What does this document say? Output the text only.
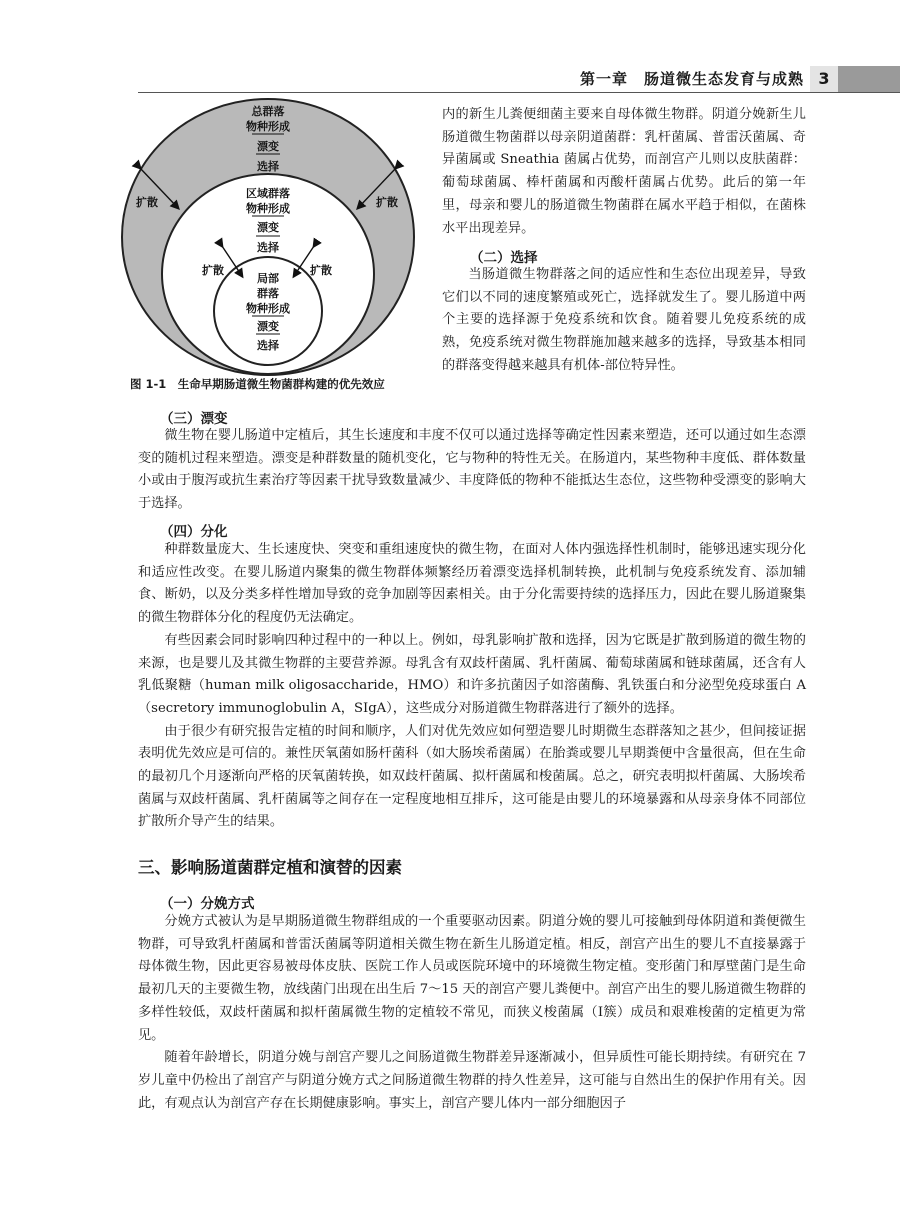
第一章　肠道微生态发育与成熟 3
总群落
物种形成
漂变
选择
区域群落
物种形成
漂变
选择
局部
群落
物种形成
漂变
选择
扩散	扩散
扩散	扩散
图 1-1　生命早期肠道微生物菌群构建的优先效应

内的新生儿粪便细菌主要来自母体微生物群。阴道分娩新生儿肠道微生物菌群以母亲阴道菌群：乳杆菌属、普雷沃菌属、奇异菌属或 Sneathia 菌属占优势，而剖宫产儿则以皮肤菌群：葡萄球菌属、棒杆菌属和丙酸杆菌属占优势。此后的第一年里，母亲和婴儿的肠道微生物菌群在属水平趋于相似，在菌株水平出现差异。

（二）选择

当肠道微生物群落之间的适应性和生态位出现差异，导致它们以不同的速度繁殖或死亡，选择就发生了。婴儿肠道中两个主要的选择源于免疫系统和饮食。随着婴儿免疫系统的成熟，免疫系统对微生物群施加越来越多的选择，导致基本相同的群落变得越来越具有机体-部位特异性。

（三）漂变

微生物在婴儿肠道中定植后，其生长速度和丰度不仅可以通过选择等确定性因素来塑造，还可以通过如生态漂变的随机过程来塑造。漂变是种群数量的随机变化，它与物种的特性无关。在肠道内，某些物种丰度低、群体数量小或由于腹泻或抗生素治疗等因素干扰导致数量减少、丰度降低的物种不能抵达生态位，这些物种受漂变的影响大于选择。

（四）分化

种群数量庞大、生长速度快、突变和重组速度快的微生物，在面对人体内强选择性机制时，能够迅速实现分化和适应性改变。在婴儿肠道内聚集的微生物群体频繁经历着漂变选择机制转换，此机制与免疫系统发育、添加辅食、断奶，以及分类多样性增加导致的竞争加剧等因素相关。由于分化需要持续的选择压力，因此在婴儿肠道聚集的微生物群体分化的程度仍无法确定。

有些因素会同时影响四种过程中的一种以上。例如，母乳影响扩散和选择，因为它既是扩散到肠道的微生物的来源，也是婴儿及其微生物群的主要营养源。母乳含有双歧杆菌属、乳杆菌属、葡萄球菌属和链球菌属，还含有人乳低聚糖（human milk oligosaccharide，HMO）和许多抗菌因子如溶菌酶、乳铁蛋白和分泌型免疫球蛋白 A（secretory immunoglobulin A，SIgA），这些成分对肠道微生物群落进行了额外的选择。

由于很少有研究报告定植的时间和顺序，人们对优先效应如何塑造婴儿时期微生态群落知之甚少，但间接证据表明优先效应是可信的。兼性厌氧菌如肠杆菌科（如大肠埃希菌属）在胎粪或婴儿早期粪便中含量很高，但在生命的最初几个月逐渐向严格的厌氧菌转换，如双歧杆菌属、拟杆菌属和梭菌属。总之，研究表明拟杆菌属、大肠埃希菌属与双歧杆菌属、乳杆菌属等之间存在一定程度地相互排斥，这可能是由婴儿的环境暴露和从母亲身体不同部位扩散所介导产生的结果。

三、影响肠道菌群定植和演替的因素
（一）分娩方式

分娩方式被认为是早期肠道微生物群组成的一个重要驱动因素。阴道分娩的婴儿可接触到母体阴道和粪便微生物群，可导致乳杆菌属和普雷沃菌属等阴道相关微生物在新生儿肠道定植。相反，剖宫产出生的婴儿不直接暴露于母体微生物，因此更容易被母体皮肤、医院工作人员或医院环境中的环境微生物定植。变形菌门和厚壁菌门是生命最初几天的主要微生物，放线菌门出现在出生后 7～15 天的剖宫产婴儿粪便中。剖宫产出生的婴儿肠道微生物群的多样性较低，双歧杆菌属和拟杆菌属微生物的定植较不常见，而狭义梭菌属（Ⅰ簇）成员和艰难梭菌的定植更为常见。

随着年龄增长，阴道分娩与剖宫产婴儿之间肠道微生物群差异逐渐减小，但异质性可能长期持续。有研究在 7 岁儿童中仍检出了剖宫产与阴道分娩方式之间肠道微生物群的持久性差异，这可能与自然出生的保护作用有关。因此，有观点认为剖宫产存在长期健康影响。事实上，剖宫产婴儿体内一部分细胞因子
